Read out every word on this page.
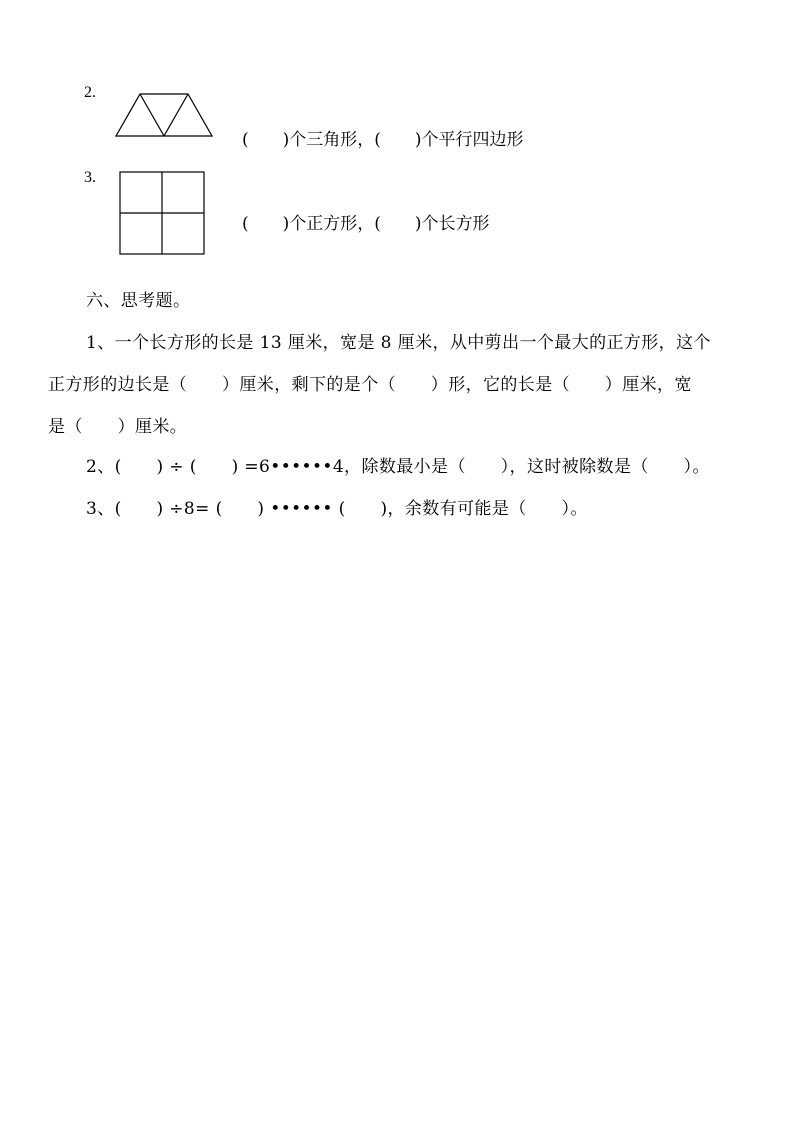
2.
(　　)个三角形，(　　)个平行四边形
3.
(　　)个正方形，(　　)个长方形
六、思考题。
1、一个长方形的长是 13 厘米，宽是 8 厘米，从中剪出一个最大的正方形，这个
正方形的边长是（　　）厘米，剩下的是个（　　）形，它的长是（　　）厘米，宽
是（　　）厘米。
2、(　　) ÷ (　　) =6••••••4，除数最小是（　　），这时被除数是（　　）。
3、(　　) ÷8= (　　) •••••• (　　)，余数有可能是（　　）。
